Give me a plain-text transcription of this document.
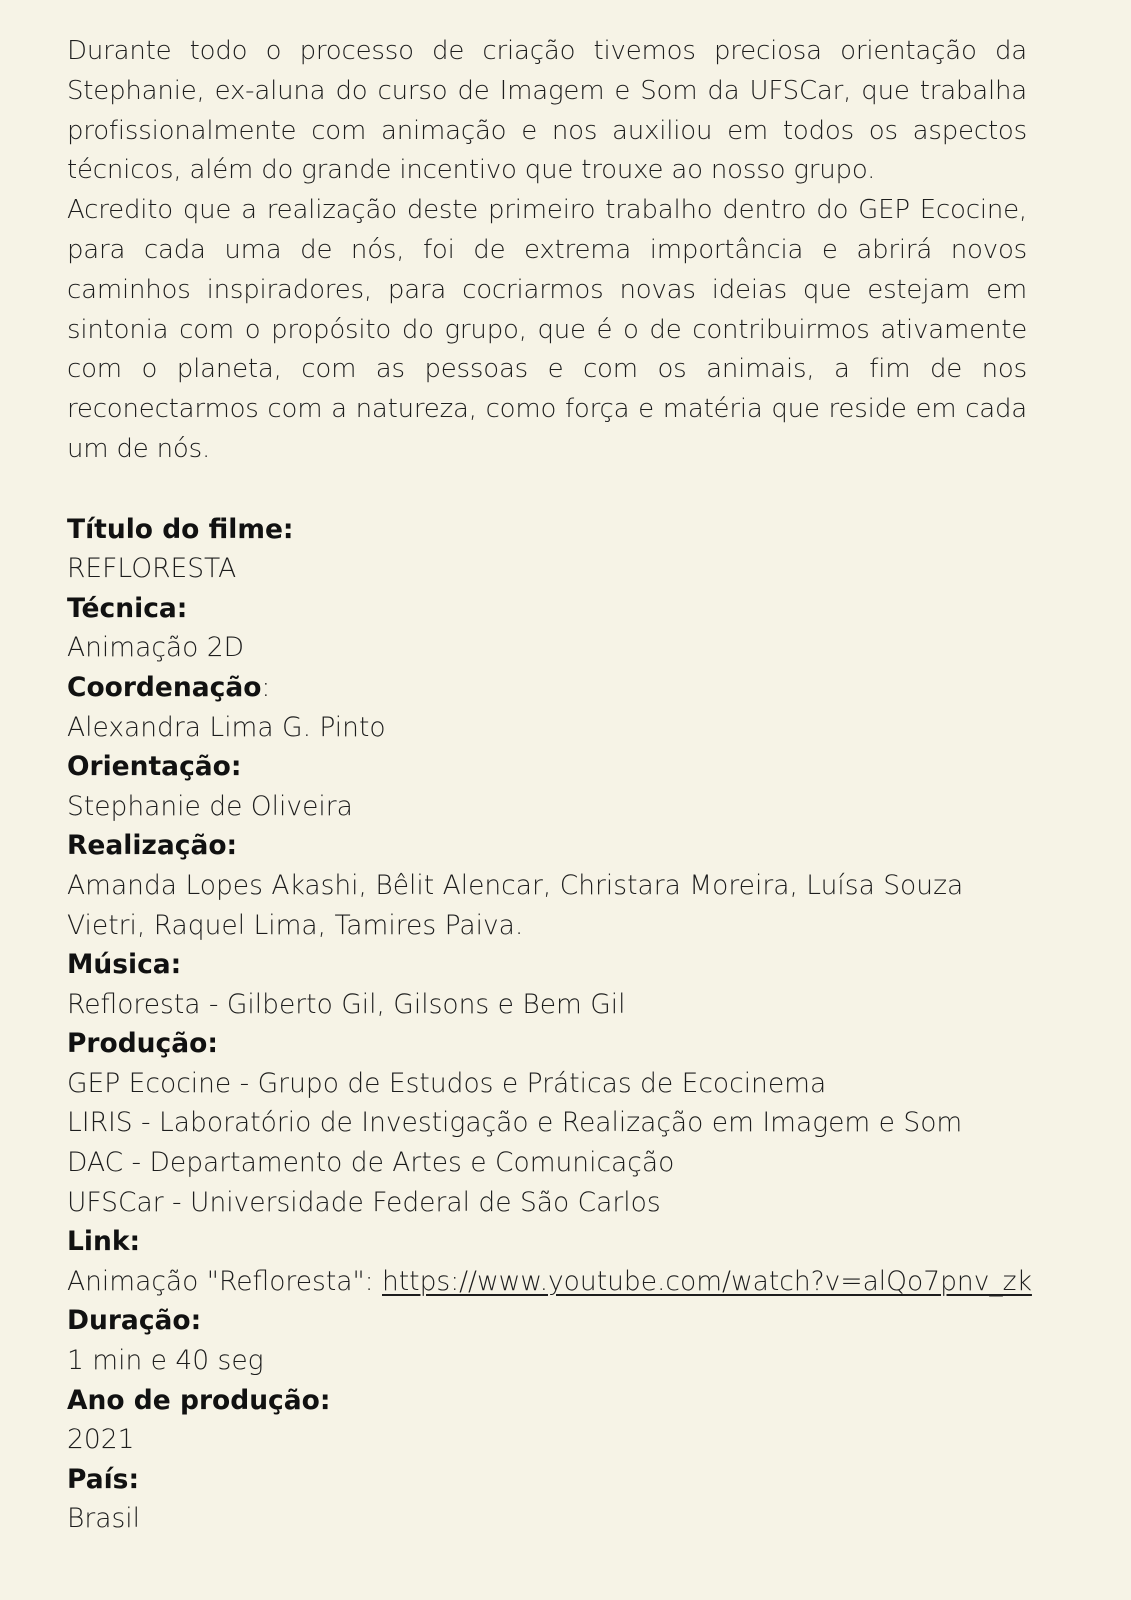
Durante todo o processo de criação tivemos preciosa orientação da Stephanie, ex-aluna do curso de Imagem e Som da UFSCar, que trabalha profissionalmente com animação e nos auxiliou em todos os aspectos técnicos, além do grande incentivo que trouxe ao nosso grupo.

Acredito que a realização deste primeiro trabalho dentro do GEP Ecocine, para cada uma de nós, foi de extrema importância e abrirá novos caminhos inspiradores, para cocriarmos novas ideias que estejam em sintonia com o propósito do grupo, que é o de contribuirmos ativamente com o planeta, com as pessoas e com os animais, a fim de nos reconectarmos com a natureza, como força e matéria que reside em cada um de nós.

Título do filme:
REFLORESTA
Técnica:
Animação 2D
Coordenação:
Alexandra Lima G. Pinto
Orientação:
Stephanie de Oliveira
Realização:
Amanda Lopes Akashi, Bêlit Alencar, Christara Moreira, Luísa Souza Vietri, Raquel Lima, Tamires Paiva.
Música:
Refloresta - Gilberto Gil, Gilsons e Bem Gil
Produção:
GEP Ecocine - Grupo de Estudos e Práticas de Ecocinema
LIRIS - Laboratório de Investigação e Realização em Imagem e Som
DAC - Departamento de Artes e Comunicação
UFSCar - Universidade Federal de São Carlos
Link:
Animação "Refloresta": https://www.youtube.com/watch?v=alQo7pnv_zk
Duração:
1 min e 40 seg
Ano de produção:
2021
País:
Brasil
